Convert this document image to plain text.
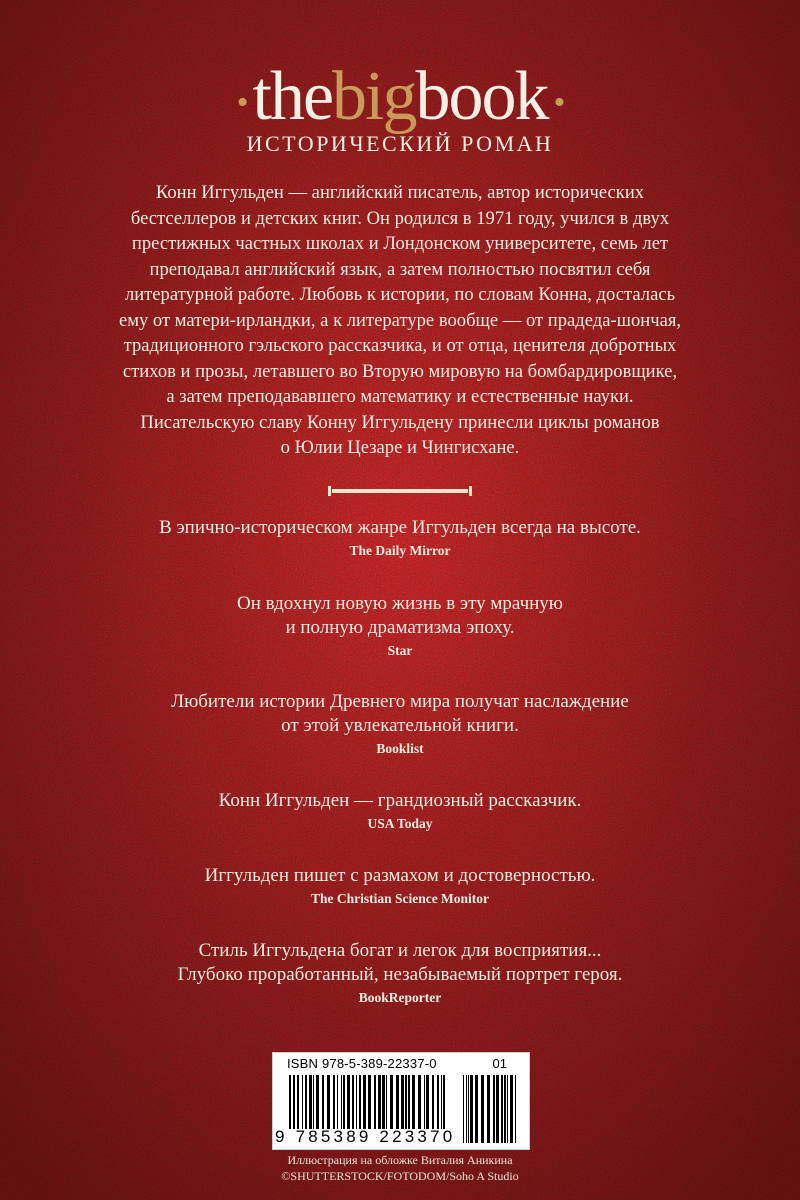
•thebigbook •
ИСТОРИЧЕСКИЙ РОМАН
Конн Иггульден — английский писатель, автор исторических
бестселлеров и детских книг. Он родился в 1971 году, учился в двух
престижных частных школах и Лондонском университете, семь лет
преподавал английский язык, а затем полностью посвятил себя
литературной работе. Любовь к истории, по словам Конна, досталась
ему от матери-ирландки, а к литературе вообще — от прадеда-шончая,
традиционного гэльского рассказчика, и от отца, ценителя добротных
стихов и прозы, летавшего во Вторую мировую на бомбардировщике,
а затем преподававшего математику и естественные науки.
Писательскую славу Конну Иггульдену принесли циклы романов
о Юлии Цезаре и Чингисхане.
В эпично-историческом жанре Иггульден всегда на высоте.
The Daily Mirror
Он вдохнул новую жизнь в эту мрачную
и полную драматизма эпоху.
Star
Любители истории Древнего мира получат наслаждение
от этой увлекательной книги.
Booklist
Конн Иггульден — грандиозный рассказчик.
USA Today
Иггульден пишет с размахом и достоверностью.
The Christian Science Monitor
Стиль Иггульдена богат и легок для восприятия...
Глубоко проработанный, незабываемый портрет героя.
BookReporter
ISBN 978-5-389-22337-0	01
9 785389 223370
Иллюстрация на обложке Виталия Аникина
©SHUTTERSTOCK/FOTODOM/Soho A Studio
